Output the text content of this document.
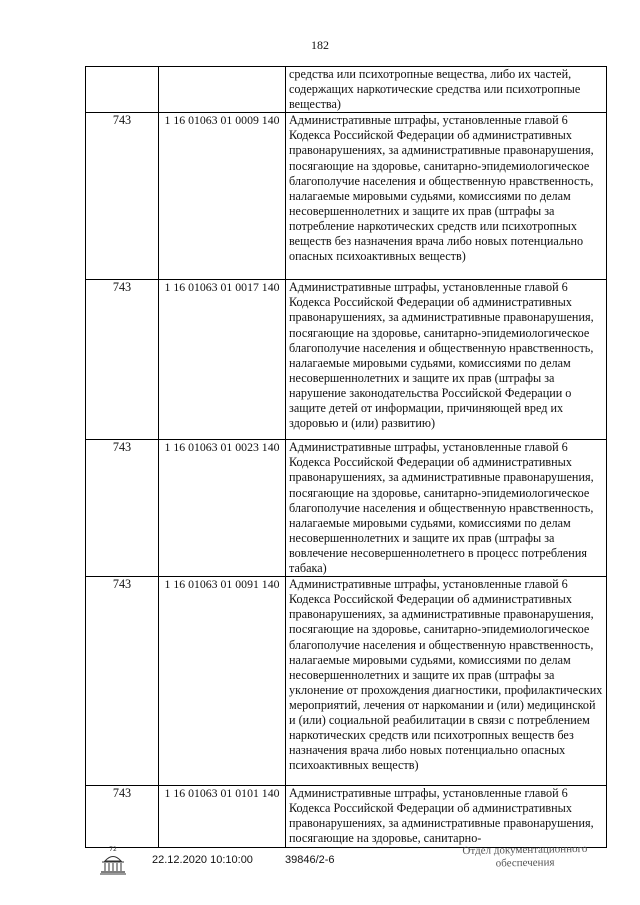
182
		средства или психотропные вещества, либо их частей, содержащих наркотические средства или психотропные вещества)
743	1 16 01063 01 0009 140	Административные штрафы, установленные главой 6 Кодекса Российской Федерации об административных правонарушениях, за административные правонарушения, посягающие на здоровье, санитарно-эпидемиологическое благополучие населения и общественную нравственность, налагаемые мировыми судьями, комиссиями по делам несовершеннолетних и защите их прав (штрафы за потребление наркотических средств или психотропных веществ без назначения врача либо новых потенциально опасных психоактивных веществ)
743	1 16 01063 01 0017 140	Административные штрафы, установленные главой 6 Кодекса Российской Федерации об административных правонарушениях, за административные правонарушения, посягающие на здоровье, санитарно-эпидемиологическое благополучие населения и общественную нравственность, налагаемые мировыми судьями, комиссиями по делам несовершеннолетних и защите их прав (штрафы за нарушение законодательства Российской Федерации о защите детей от информации, причиняющей вред их здоровью и (или) развитию)
743	1 16 01063 01 0023 140	Административные штрафы, установленные главой 6 Кодекса Российской Федерации об административных правонарушениях, за административные правонарушения, посягающие на здоровье, санитарно-эпидемиологическое благополучие населения и общественную нравственность, налагаемые мировыми судьями, комиссиями по делам несовершеннолетних и защите их прав (штрафы за вовлечение несовершеннолетнего в процесс потребления табака)
743	1 16 01063 01 0091 140	Административные штрафы, установленные главой 6 Кодекса Российской Федерации об административных правонарушениях, за административные правонарушения, посягающие на здоровье, санитарно-эпидемиологическое благополучие населения и общественную нравственность, налагаемые мировыми судьями, комиссиями по делам несовершеннолетних и защите их прав (штрафы за уклонение от прохождения диагностики, профилактических мероприятий, лечения от наркомании и (или) медицинской и (или) социальной реабилитации в связи с потреблением наркотических средств или психотропных веществ без назначения врача либо новых потенциально опасных психоактивных веществ)
743	1 16 01063 01 0101 140	Административные штрафы, установленные главой 6 Кодекса Российской Федерации об административных правонарушениях, за административные правонарушения, посягающие на здоровье, санитарно-
72
22.12.2020 10:10:00	39846/2-6
Отдел документационного
обеспечения
